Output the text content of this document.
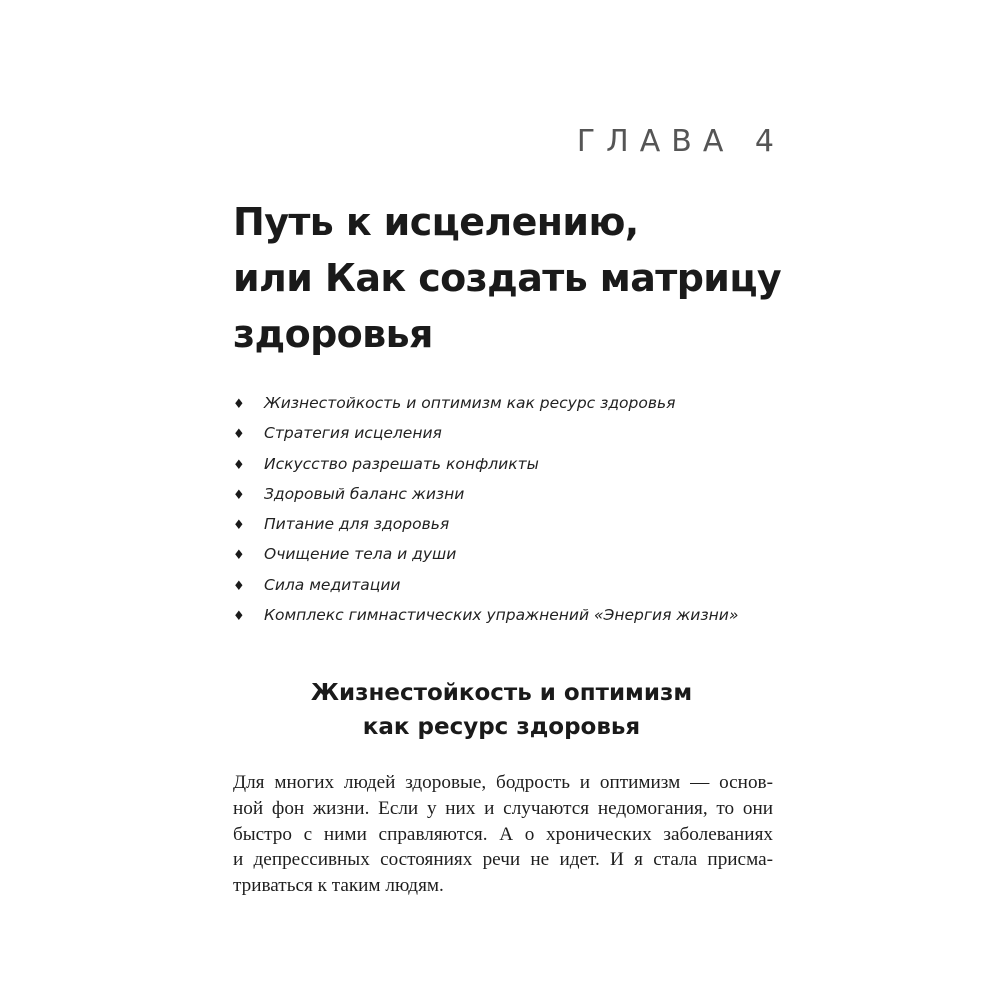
ГЛАВА 4
Путь к исцелению,
или Как создать матрицу
здоровья
♦ Жизнестойкость и оптимизм как ресурс здоровья
♦ Стратегия исцеления
♦ Искусство разрешать конфликты
♦ Здоровый баланс жизни
♦ Питание для здоровья
♦ Очищение тела и души
♦ Сила медитации
♦ Комплекс гимнастических упражнений «Энергия жизни»
Жизнестойкость и оптимизм
как ресурс здоровья

Для многих людей здоровые, бодрость и оптимизм — основ-
ной фон жизни. Если у них и случаются недомогания, то они
быстро с ними справляются. А о хронических заболеваниях
и депрессивных состояниях речи не идет. И я стала присма-
триваться к таким людям.
